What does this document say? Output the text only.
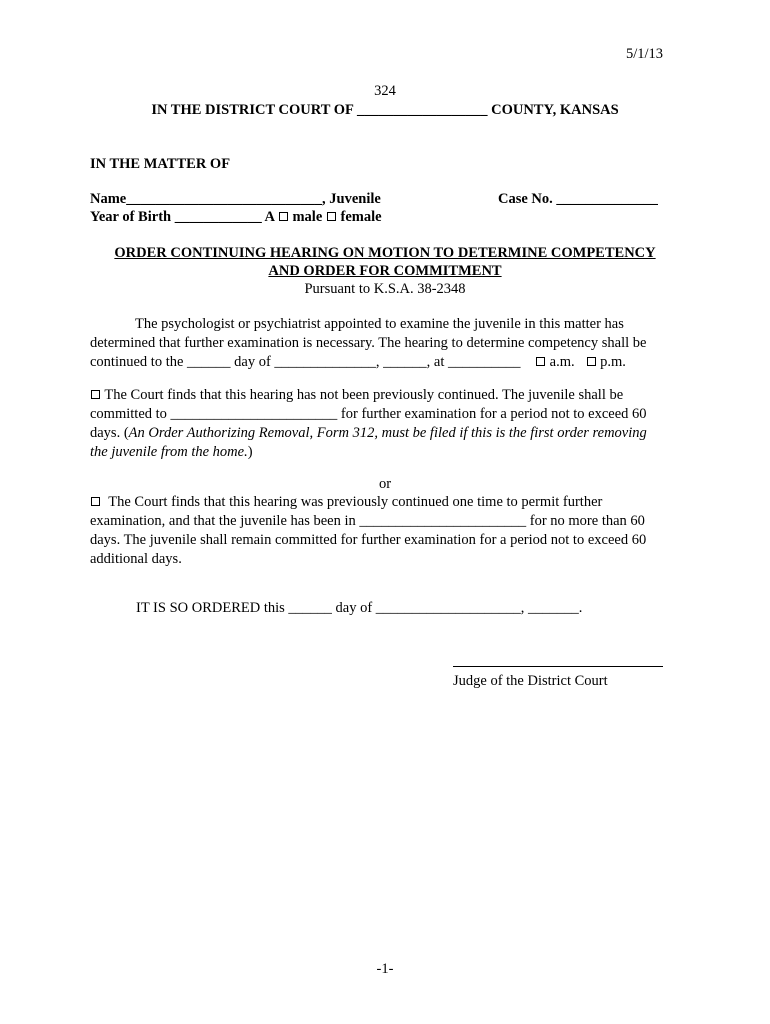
5/1/13
324
IN THE DISTRICT COURT OF __________________ COUNTY, KANSAS
IN THE MATTER OF
Name___________________________, Juvenile	Case No. ______________
Year of Birth ____________ A male female
ORDER CONTINUING HEARING ON MOTION TO DETERMINE COMPETENCY
AND ORDER FOR COMMITMENT
Pursuant to K.S.A. 38-2348
The psychologist or psychiatrist appointed to examine the juvenile in this matter has
determined that further examination is necessary. The hearing to determine competency shall be
continued to the ______ day of ______________, ______, at __________ a.m. p.m.
The Court finds that this hearing has not been previously continued. The juvenile shall be
committed to _______________________ for further examination for a period not to exceed 60
days. (An Order Authorizing Removal, Form 312, must be filed if this is the first order removing
the juvenile from the home.)
or
The Court finds that this hearing was previously continued one time to permit further
examination, and that the juvenile has been in _______________________ for no more than 60
days. The juvenile shall remain committed for further examination for a period not to exceed 60
additional days.
IT IS SO ORDERED this ______ day of ____________________, _______.
Judge of the District Court
-1-
